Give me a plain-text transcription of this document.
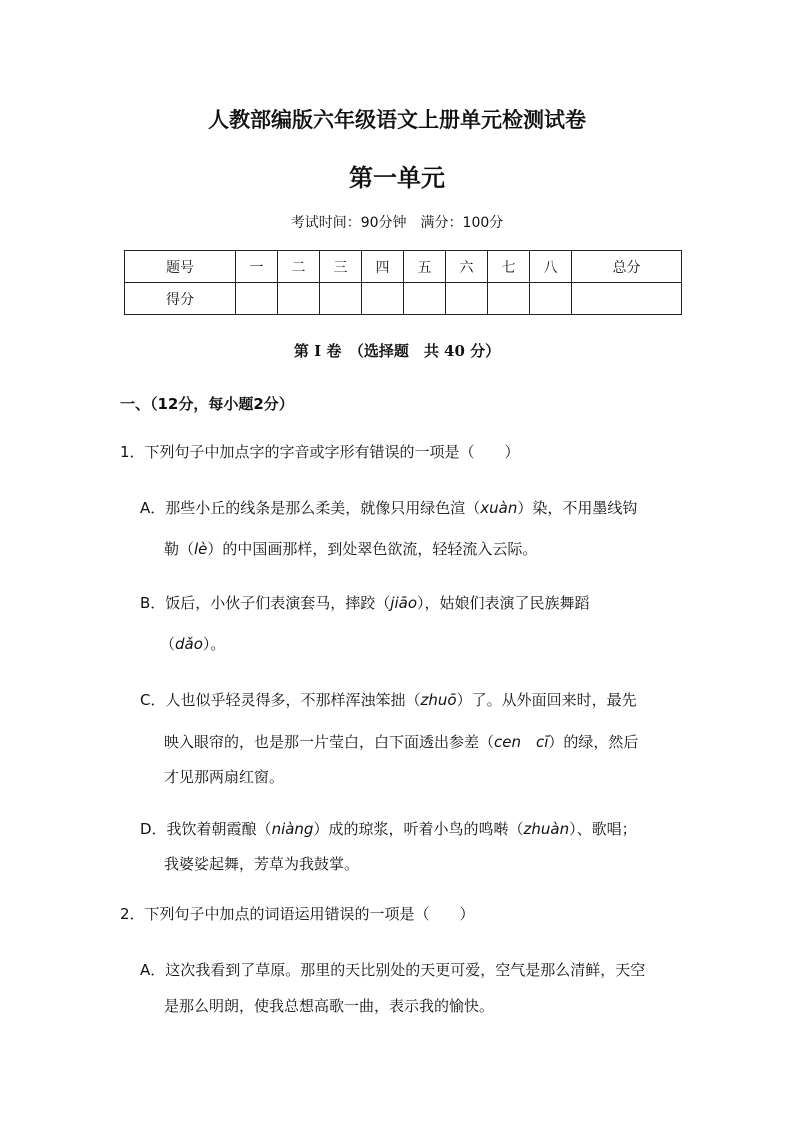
人教部编版六年级语文上册单元检测试卷

第一单元

考试时间：90分钟　满分：100分

题号	一	二	三	四	五	六	七	八	总分
得分									

第 I 卷　（选择题　共 40 分）

一、（12分，每小题2分）

1．下列句子中加点字的字音或字形有错误的一项是（　　）

A．那些小丘的线条是那么柔美，就像只用绿色渲（xuàn）染，不用墨线钩

勒（lè）的中国画那样，到处翠色欲流，轻轻流入云际。

B．饭后，小伙子们表演套马，摔跤（jiāo），姑娘们表演了民族舞蹈

（dǎo）。

C．人也似乎轻灵得多，不那样浑浊笨拙（zhuō）了。从外面回来时，最先

映入眼帘的，也是那一片莹白，白下面透出参差（cen　cī）的绿，然后

才见那两扇红窗。

D．我饮着朝霞酿（niàng）成的琼浆，听着小鸟的鸣啭（zhuàn）、歌唱；

我婆娑起舞，芳草为我鼓掌。

2．下列句子中加点的词语运用错误的一项是（　　）

A．这次我看到了草原。那里的天比别处的天更可爱，空气是那么清鲜，天空

是那么明朗，使我总想高歌一曲，表示我的愉快。
